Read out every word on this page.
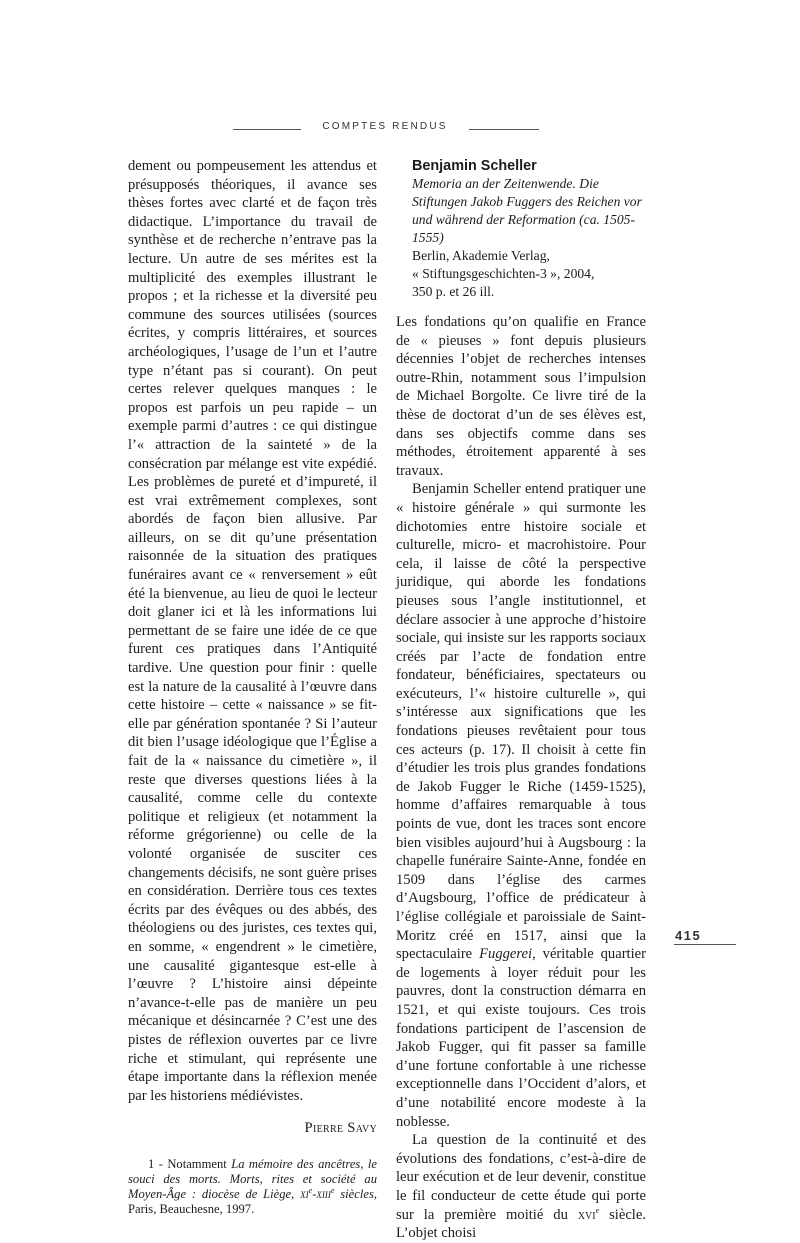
COMPTES RENDUS

dement ou pompeusement les attendus et présupposés théoriques, il avance ses thèses fortes avec clarté et de façon très didactique. L’importance du travail de synthèse et de recherche n’entrave pas la lecture. Un autre de ses mérites est la multiplicité des exemples illustrant le propos ; et la richesse et la diversité peu commune des sources utilisées (sources écrites, y compris littéraires, et sources archéologiques, l’usage de l’un et l’autre type n’étant pas si courant). On peut certes relever quelques manques : le propos est parfois un peu rapide – un exemple parmi d’autres : ce qui distingue l’« attraction de la sainteté » de la consécration par mélange est vite expédié. Les problèmes de pureté et d’impureté, il est vrai extrêmement complexes, sont abordés de façon bien allusive. Par ailleurs, on se dit qu’une présentation raisonnée de la situation des pratiques funéraires avant ce « renversement » eût été la bienvenue, au lieu de quoi le lecteur doit glaner ici et là les informations lui permettant de se faire une idée de ce que furent ces pratiques dans l’Antiquité tardive. Une question pour finir : quelle est la nature de la causalité à l’œuvre dans cette histoire – cette « naissance » se fit-elle par génération spontanée ? Si l’auteur dit bien l’usage idéologique que l’Église a fait de la « naissance du cimetière », il reste que diverses questions liées à la causalité, comme celle du contexte politique et religieux (et notamment la réforme grégorienne) ou celle de la volonté organisée de susciter ces changements décisifs, ne sont guère prises en considération. Derrière tous ces textes écrits par des évêques ou des abbés, des théologiens ou des juristes, ces textes qui, en somme, « engendrent » le cimetière, une causalité gigantesque est-elle à l’œuvre ? L’histoire ainsi dépeinte n’avance-t-elle pas de manière un peu mécanique et désincarnée ? C’est une des pistes de réflexion ouvertes par ce livre riche et stimulant, qui représente une étape importante dans la réflexion menée par les historiens médiévistes.

Pierre Savy

1 - Notamment La mémoire des ancêtres, le souci des morts. Morts, rites et société au Moyen-Âge : diocèse de Liège, $xi^e-xiii^e$ siècles, Paris, Beauchesne, 1997.

Benjamin Scheller
Memoria an der Zeitenwende. Die Stiftungen Jakob Fuggers des Reichen vor und während der Reformation (ca. 1505-1555)
Berlin, Akademie Verlag,
« Stiftungsgeschichten-3 », 2004,
350 p. et 26 ill.

Les fondations qu’on qualifie en France de « pieuses » font depuis plusieurs décennies l’objet de recherches intenses outre-Rhin, notamment sous l’impulsion de Michael Borgolte. Ce livre tiré de la thèse de doctorat d’un de ses élèves est, dans ses objectifs comme dans ses méthodes, étroitement apparenté à ses travaux.

Benjamin Scheller entend pratiquer une « histoire générale » qui surmonte les dichotomies entre histoire sociale et culturelle, micro- et macrohistoire. Pour cela, il laisse de côté la perspective juridique, qui aborde les fondations pieuses sous l’angle institutionnel, et déclare associer à une approche d’histoire sociale, qui insiste sur les rapports sociaux créés par l’acte de fondation entre fondateur, bénéficiaires, spectateurs ou exécuteurs, l’« histoire culturelle », qui s’intéresse aux significations que les fondations pieuses revêtaient pour tous ces acteurs (p. 17). Il choisit à cette fin d’étudier les trois plus grandes fondations de Jakob Fugger le Riche (1459-1525), homme d’affaires remarquable à tous points de vue, dont les traces sont encore bien visibles aujourd’hui à Augsbourg : la chapelle funéraire Sainte-Anne, fondée en 1509 dans l’église des carmes d’Augsbourg, l’office de prédicateur à l’église collégiale et paroissiale de Saint-Moritz créé en 1517, ainsi que la spectaculaire Fuggerei, véritable quartier de logements à loyer réduit pour les pauvres, dont la construction démarra en 1521, et qui existe toujours. Ces trois fondations participent de l’ascension de Jakob Fugger, qui fit passer sa famille d’une fortune confortable à une richesse exceptionnelle dans l’Occident d’alors, et d’une notabilité encore modeste à la noblesse.

La question de la continuité et des évolutions des fondations, c’est-à-dire de leur exécution et de leur devenir, constitue le fil conducteur de cette étude qui porte sur la première moitié du xvi$^e$ siècle. L’objet choisi

415
